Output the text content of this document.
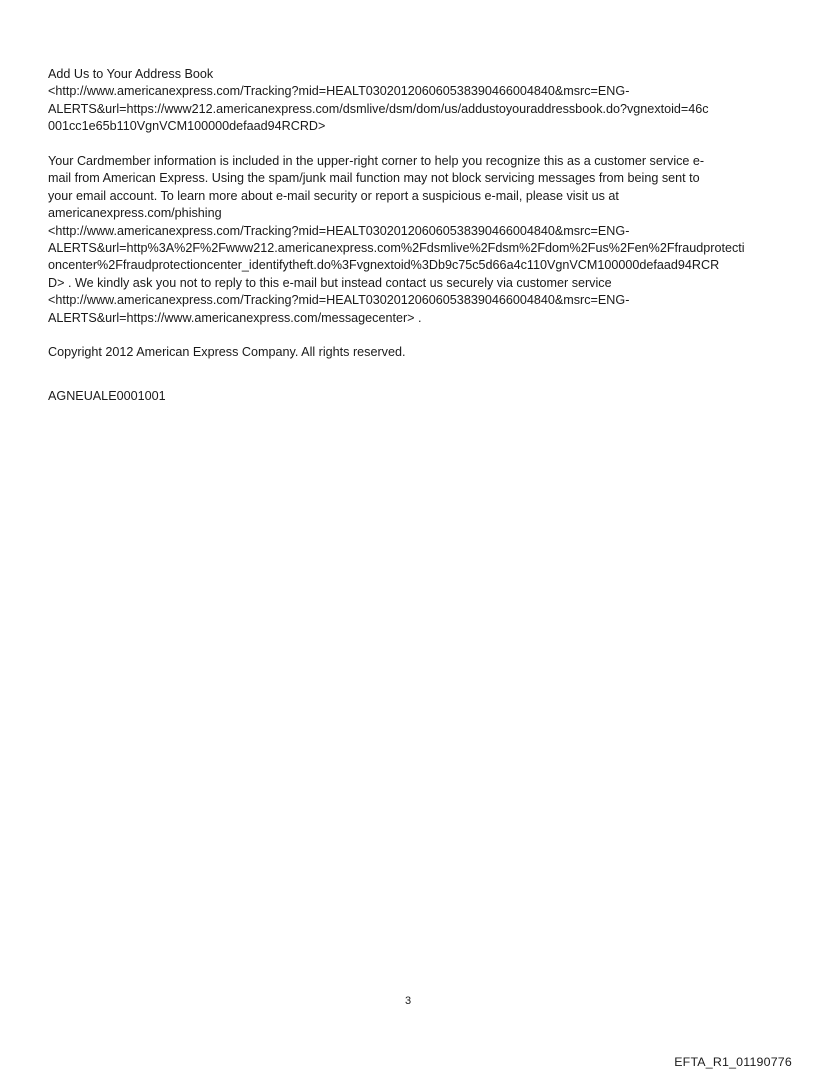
Add Us to Your Address Book
<http://www.americanexpress.com/Tracking?mid=HEALT030201206060538390466004840&msrc=ENG-
ALERTS&url=https://www212.americanexpress.com/dsmlive/dsm/dom/us/addustoyouraddressbook.do?vgnextoid=46c
001cc1e65b110VgnVCM100000defaad94RCRD>
Your Cardmember information is included in the upper-right corner to help you recognize this as a customer service e-
mail from American Express. Using the spam/junk mail function may not block servicing messages from being sent to
your email account. To learn more about e-mail security or report a suspicious e-mail, please visit us at
americanexpress.com/phishing
<http://www.americanexpress.com/Tracking?mid=HEALT030201206060538390466004840&msrc=ENG-
ALERTS&url=http%3A%2F%2Fwww212.americanexpress.com%2Fdsmlive%2Fdsm%2Fdom%2Fus%2Fen%2Ffraudprotecti
oncenter%2Ffraudprotectioncenter_identifytheft.do%3Fvgnextoid%3Db9c75c5d66a4c110VgnVCM100000defaad94RCR
D> . We kindly ask you not to reply to this e-mail but instead contact us securely via customer service
<http://www.americanexpress.com/Tracking?mid=HEALT030201206060538390466004840&msrc=ENG-
ALERTS&url=https://www.americanexpress.com/messagecenter> .
Copyright 2012 American Express Company. All rights reserved.
AGNEUALE0001001
3
EFTA_R1_01190776
